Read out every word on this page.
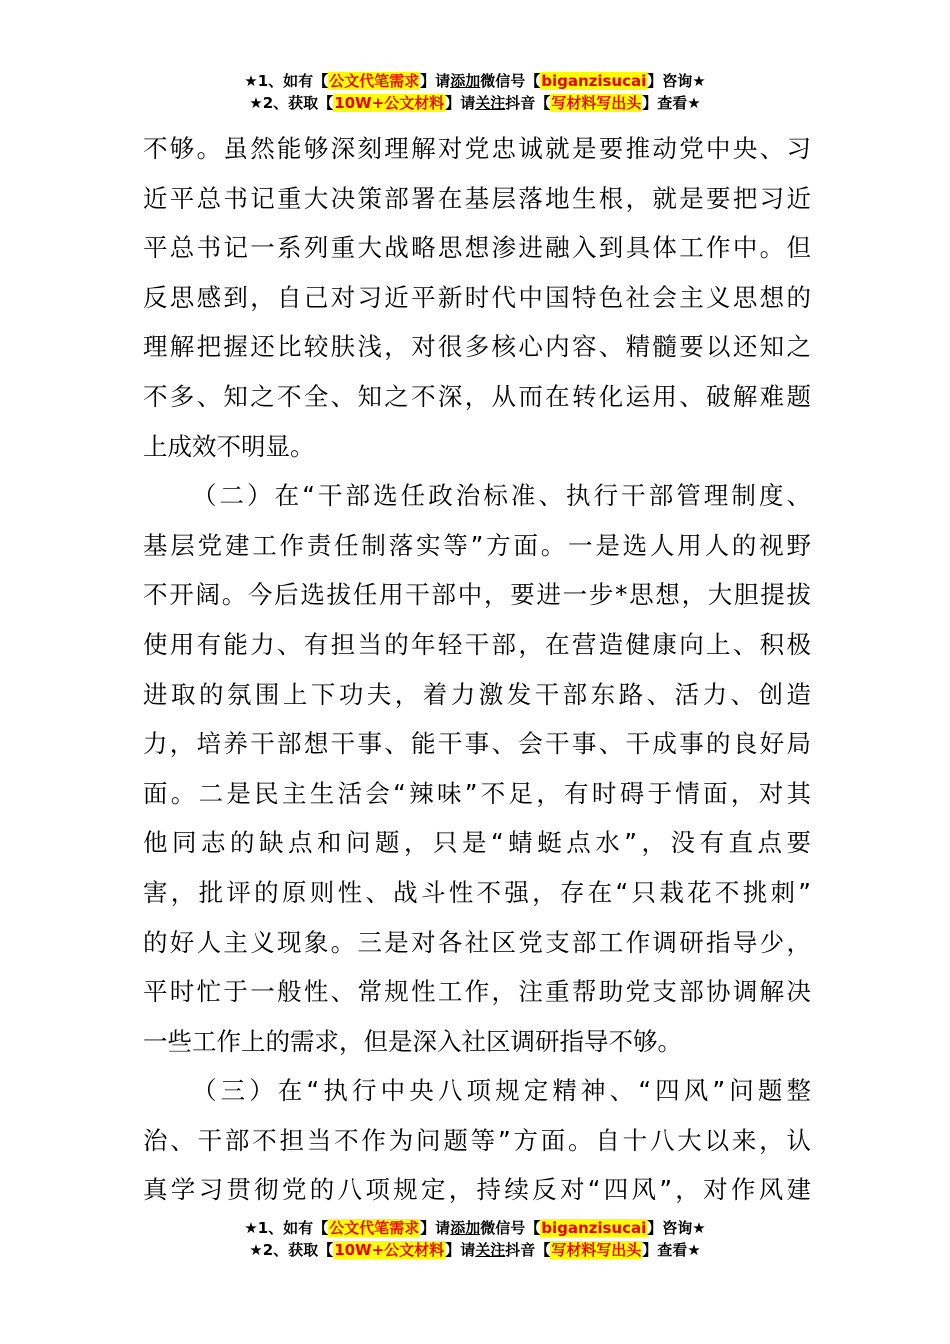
★1、如有【公文代笔需求】请添加微信号【biganzisucai】咨询★
★2、获取【10W+公文材料】请关注抖音【写材料写出头】查看★
不够。虽然能够深刻理解对党忠诚就是要推动党中央、习
近平总书记重大决策部署在基层落地生根，就是要把习近
平总书记一系列重大战略思想渗进融入到具体工作中。但
反思感到，自己对习近平新时代中国特色社会主义思想的
理解把握还比较肤浅，对很多核心内容、精髓要以还知之
不多、知之不全、知之不深，从而在转化运用、破解难题
上成效不明显。
（二）在“干部选任政治标准、执行干部管理制度、
基层党建工作责任制落实等”方面。一是选人用人的视野
不开阔。今后选拔任用干部中，要进一步*思想，大胆提拔
使用有能力、有担当的年轻干部，在营造健康向上、积极
进取的氛围上下功夫，着力激发干部东路、活力、创造
力，培养干部想干事、能干事、会干事、干成事的良好局
面。二是民主生活会“辣味”不足，有时碍于情面，对其
他同志的缺点和问题，只是“蜻蜓点水”，没有直点要
害，批评的原则性、战斗性不强，存在“只栽花不挑刺”
的好人主义现象。三是对各社区党支部工作调研指导少，
平时忙于一般性、常规性工作，注重帮助党支部协调解决
一些工作上的需求，但是深入社区调研指导不够。
（三）在“执行中央八项规定精神、“四风”问题整
治、干部不担当不作为问题等”方面。自十八大以来，认
真学习贯彻党的八项规定，持续反对“四风”，对作风建
★1、如有【公文代笔需求】请添加微信号【biganzisucai】咨询★
★2、获取【10W+公文材料】请关注抖音【写材料写出头】查看★
